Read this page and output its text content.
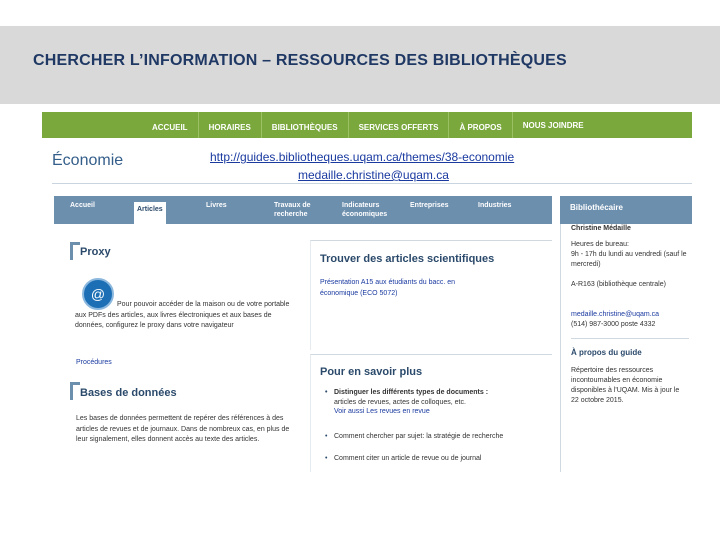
CHERCHER L’INFORMATION – RESSOURCES DES BIBLIOTHÈQUES
ACCUEIL	HORAIRES	BIBLIOTHÈQUES	SERVICES OFFERTS	À PROPOS	NOUS JOINDRE
Économie	http://guides.bibliotheques.uqam.ca/themes/38-economie
medaille.christine@uqam.ca
Accueil
Articles
Livres	Travaux de recherche
Indicateurs économiques
Entreprises	Industries	Bibliothécaire
Christine Médaille
Heures de bureau:
9h - 17h du lundi au vendredi (sauf le mercredi)
A-R163 (bibliothèque centrale)
medaille.christine@uqam.ca
(514) 987-3000 poste 4332
À propos du guide
Répertoire des ressources incontournables en économie disponibles à l'UQAM. Mis à jour le 22 octobre 2015.
Proxy
@
Pour pouvoir accéder de la maison ou de votre portable aux PDFs des articles, aux livres électroniques et aux bases de données, configurez le proxy dans votre navigateur
Procédures
Bases de données
Les bases de données permettent de repérer des références à des articles de revues et de journaux. Dans de nombreux cas, en plus de leur signalement, elles donnent accès au texte des articles.
Trouver des articles scientifiques
Présentation A15 aux étudiants du bacc. en économique (ECO 5072)
Pour en savoir plus
• Distinguer les différents types de documents :
articles de revues, actes de colloques, etc.
Voir aussi Les revues en revue
• Comment chercher par sujet: la stratégie de recherche
• Comment citer un article de revue ou de journal
